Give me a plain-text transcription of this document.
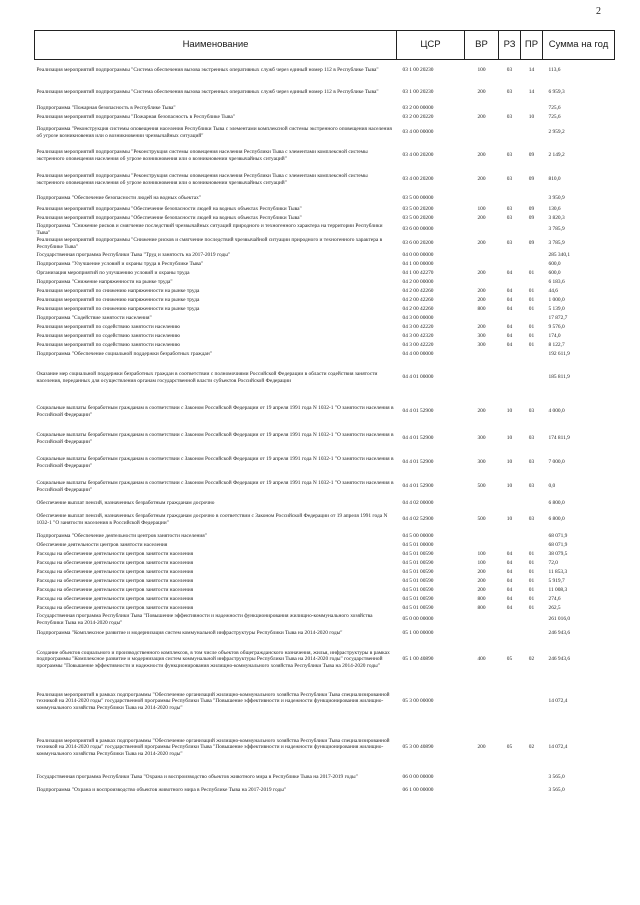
2
Наименование	ЦСР	ВР	РЗ	ПР	Сумма на год
Реализация мероприятий подпрограммы "Система обеспечения вызова экстренных оперативных служб через единый номер 112 в Республике Тыва"	03 1 00 20230	100	03	14	113,6
Реализация мероприятий подпрограммы "Система обеспечения вызова экстренных оперативных служб через единый номер 112 в Республике Тыва"	03 1 00 20230	200	03	14	6 959,3
Подпрограмма "Пожарная безопасность в Республике Тыва"	03 2 00 00000				725,6
Реализация мероприятий подпрограммы "Пожарная безопасность в Республике Тыва"	03 2 00 20220	200	03	10	725,6
Подпрограмма "Реконструкция системы оповещения населения Республики Тыва с элементами комплексной системы экстренного оповещения населения об угрозе возникновения или о возникновении чрезвычайных ситуаций"	03 4 00 00000				2 959,2
Реализация мероприятий подпрограммы "Реконструкция системы оповещения населения Республики Тыва с элементами комплексной системы экстренного оповещения населения об угрозе возникновения или о возникновении чрезвычайных ситуаций"	03 4 00 20200	200	03	09	2 149,2
Реализация мероприятий подпрограммы "Реконструкция системы оповещения населения Республики Тыва с элементами комплексной системы экстренного оповещения населения об угрозе возникновения или о возникновении чрезвычайных ситуаций"	03 4 00 20200	200	03	09	810,0
Подпрограмма "Обеспечение безопасности людей на водных объектах"	03 5 00 00000				3 950,9
Реализация мероприятий подпрограммы "Обеспечение безопасности людей на водных объектах Республики Тыва"	03 5 00 20200	100	03	09	130,6
Реализация мероприятий подпрограммы "Обеспечение безопасности людей на водных объектах Республики Тыва"	03 5 00 20200	200	03	09	3 820,3
Подпрограмма "Снижение рисков и смягчение последствий чрезвычайных ситуаций природного и техногенного характера на территории Республики Тыва"	03 6 00 00000				3 785,9
Реализация мероприятий подпрограммы "Снижение рисков и смягчение последствий чрезвычайной ситуации природного и техногенного характера в Республике Тыва"	03 6 00 20200	200	03	09	3 785,9
Государственная программа Республики Тыва "Труд и занятость на 2017-2019 годы"	04 0 00 00000				285 340,1
Подпрограмма "Улучшение условий и охраны труда в Республике Тыва"	04 1 00 00000				600,0
Организация мероприятий по улучшению условий и охраны труда	04 1 00 42270	200	04	01	600,0
Подпрограмма "Снижение напряженности на рынке труда"	04 2 00 00000				6 183,6
Реализация мероприятий по снижению напряженности на рынке труда	04 2 00 42260	200	04	01	44,6
Реализация мероприятий по снижению напряженности на рынке труда	04 2 00 42260	200	04	01	1 000,0
Реализация мероприятий по снижению напряженности на рынке труда	04 2 00 42260	800	04	01	5 139,0
Подпрограмма "Содействие занятости населения"	04 3 00 00000				17 872,7
Реализация мероприятий по содействию занятости населению	04 3 00 42220	200	04	01	9 576,0
Реализация мероприятий по содействию занятости населению	04 3 00 42320	300	04	01	174,0
Реализация мероприятий по содействию занятости населению	04 3 00 42220	300	04	01	8 122,7
Подпрограмма "Обеспечение социальной поддержки безработных граждан"	04 4 00 00000				192 611,9
Оказание мер социальной поддержки безработных граждан в соответствии с полномочиями Российской Федерации в области содействия занятости населения, переданных для осуществления органам государственной власти субъектов Российской Федерации	04 4 01 00000				185 811,9
Социальные выплаты безработным гражданам в соответствии с Законом Российской Федерации от 19 апреля 1991 года N 1032-1 "О занятости населения в Российской Федерации"	04 4 01 52900	200	10	03	4 000,0
Социальные выплаты безработным гражданам в соответствии с Законом Российской Федерации от 19 апреля 1991 года N 1032-1 "О занятости населения в Российской Федерации"	04 4 01 52900	300	10	03	174 811,9
Социальные выплаты безработным гражданам в соответствии с Законом Российской Федерации от 19 апреля 1991 года N 1032-1 "О занятости населения в Российской Федерации"	04 4 01 52900	300	10	03	7 000,0
Социальные выплаты безработным гражданам в соответствии с Законом Российской Федерации от 19 апреля 1991 года N 1032-1 "О занятости населения в Российской Федерации"	04 4 01 52900	500	10	03	0,0
Обеспечение выплат пенсий, назначенных безработным гражданам досрочно	04 4 02 00000				6 800,0
Обеспечение выплат пенсий, назначенных безработным гражданам досрочно в соответствии с Законом Российской Федерации от 19 апреля 1991 года N 1032-1 "О занятости населения в Российской Федерации"	04 4 02 52900	500	10	03	6 800,0
Подпрограмма "Обеспечение деятельности центров занятости населения"	04 5 00 00000				68 071,9
Обеспечение деятельности центров занятости населения	04 5 01 00000				68 071,9
Расходы на обеспечение деятельности центров занятости населения	04 5 01 00590	100	04	01	38 079,5
Расходы на обеспечение деятельности центров занятости населения	04 5 01 00590	100	04	01	72,0
Расходы на обеспечение деятельности центров занятости населения	04 5 01 00590	200	04	01	11 853,3
Расходы на обеспечение деятельности центров занятости населения	04 5 01 00590	200	04	01	5 919,7
Расходы на обеспечение деятельности центров занятости населения	04 5 01 00590	200	04	01	11 008,3
Расходы на обеспечение деятельности центров занятости населения	04 5 01 00590	800	04	01	274,6
Расходы на обеспечение деятельности центров занятости населения	04 5 01 00590	800	04	01	262,5
Государственная программа Республики Тыва "Повышение эффективности и надежности функционирования жилищно-коммунального хозяйства Республики Тыва на 2014-2020 годы"	05 0 00 00000				261 016,0
Подпрограмма "Комплексное развитие и модернизация систем коммунальной инфраструктуры Республики Тыва на 2014-2020 годы"	05 1 00 00000				246 943,6
Создание объектов социального и производственного комплексов, в том числе объектов общегражданского назначения, жилья, инфраструктуры в рамках подпрограммы "Комплексное развитие и модернизация систем коммунальной инфраструктуры Республики Тыва на 2014-2020 годы" государственной программы "Повышение эффективности и надежности функционирования жилищно-коммунального хозяйства Республики Тыва на 2014-2020 годы"	05 1 00 40890	400	05	02	246 943,6
Реализация мероприятий в рамках подпрограммы "Обеспечение организаций жилищно-коммунального хозяйства Республики Тыва специализированной техникой на 2014-2020 годы" государственной программы Республики Тыва "Повышение эффективности и надежности функционирования жилищно-коммунального хозяйства Республики Тыва на 2014-2020 годы"	05 3 00 00000				14 072,4
Реализация мероприятий в рамках подпрограммы "Обеспечение организаций жилищно-коммунального хозяйства Республики Тыва специализированной техникой на 2014-2020 годы" государственной программы Республики Тыва "Повышение эффективности и надежности функционирования жилищно-коммунального хозяйства Республики Тыва на 2014-2020 годы"	05 3 00 40890	200	05	02	14 072,4
Государственная программа Республики Тыва "Охрана и воспроизводство объектов животного мира в Республике Тыва на 2017-2019 годы"	06 0 00 00000				3 565,0
Подпрограмма "Охрана и воспроизводство объектов животного мира в Республике Тыва на 2017-2019 годы"	06 1 00 00000				3 565,0
